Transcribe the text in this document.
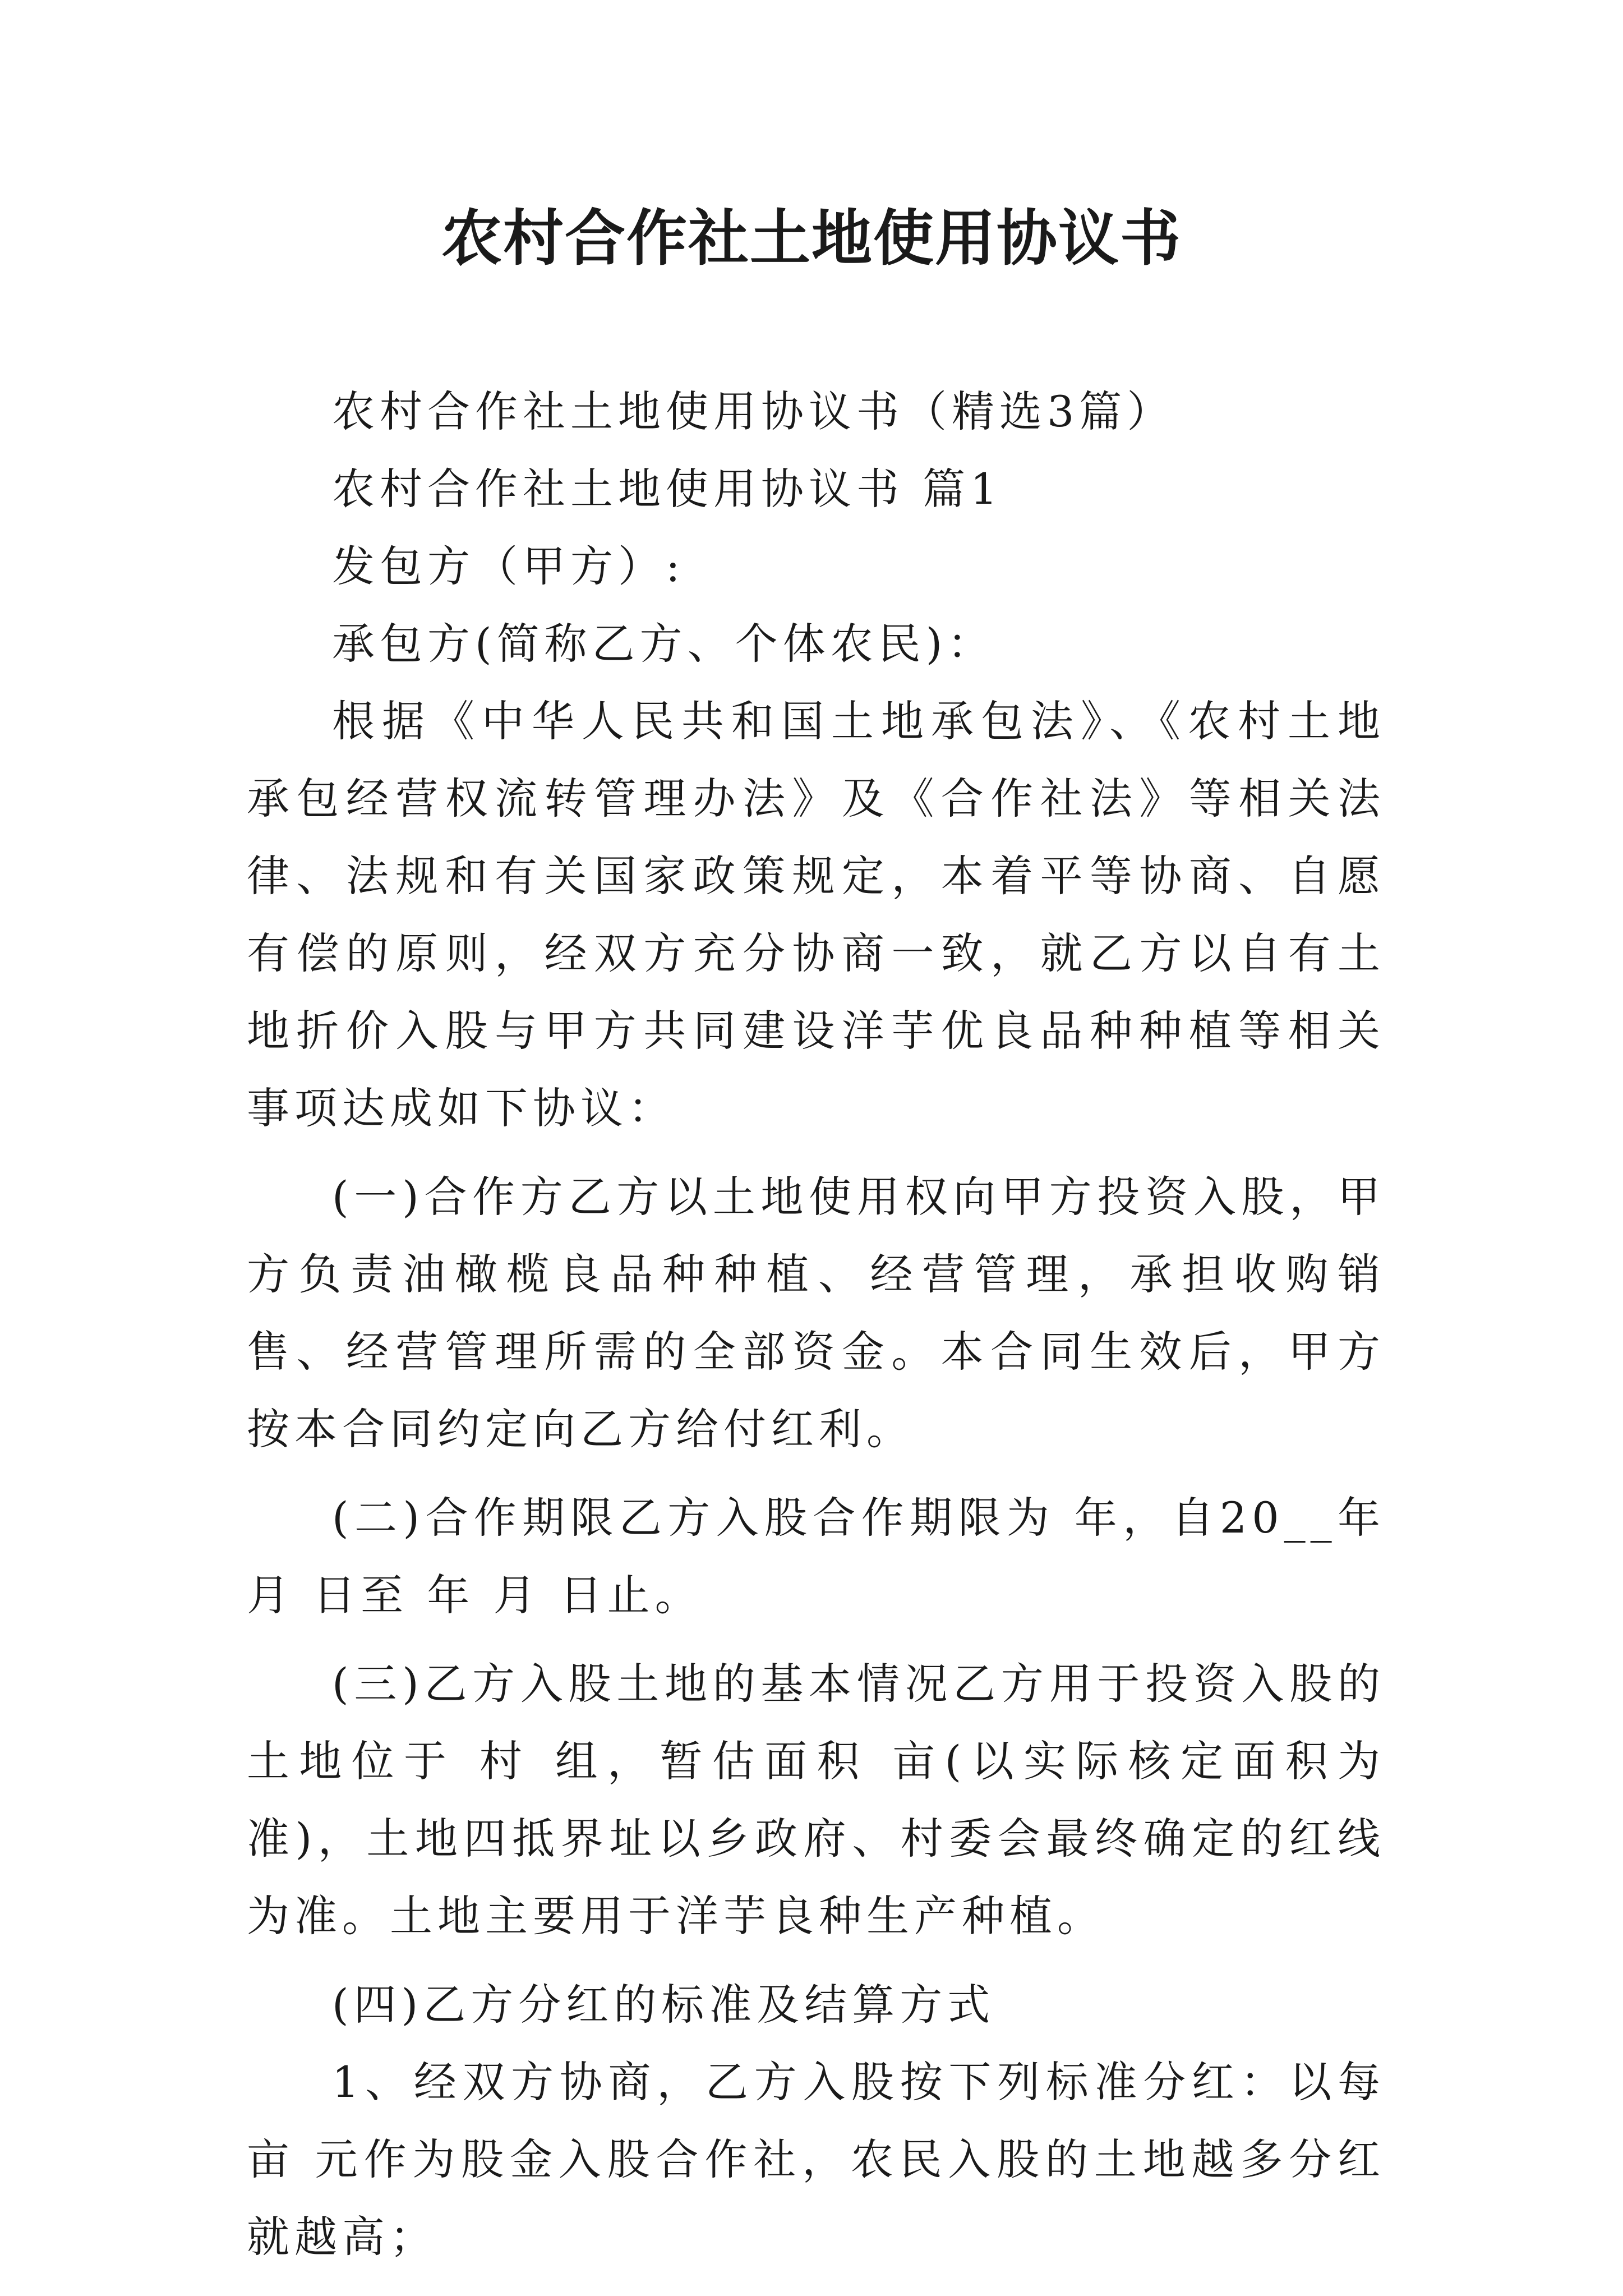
农村合作社土地使用协议书

农村合作社土地使用协议书（精选3篇）

农村合作社土地使用协议书 篇1

发包方（甲方）:

承包方(简称乙方、个体农民)：

根据《中华人民共和国土地承包法》、《农村土地承包经营权流转管理办法》及《合作社法》等相关法律、法规和有关国家政策规定，本着平等协商、自愿有偿的原则，经双方充分协商一致，就乙方以自有土地折价入股与甲方共同建设洋芋优良品种种植等相关事项达成如下协议：

(一)合作方乙方以土地使用权向甲方投资入股，甲方负责油橄榄良品种种植、经营管理，承担收购销售、经营管理所需的全部资金。本合同生效后，甲方按本合同约定向乙方给付红利。

(二)合作期限乙方入股合作期限为 年，自20__年 月 日至 年 月 日止。

(三)乙方入股土地的基本情况乙方用于投资入股的土地位于 村 组，暂估面积 亩(以实际核定面积为准)，土地四抵界址以乡政府、村委会最终确定的红线为准。土地主要用于洋芋良种生产种植。

(四)乙方分红的标准及结算方式

1、经双方协商，乙方入股按下列标准分红：以每亩 元作为股金入股合作社，农民入股的土地越多分红就越高；
